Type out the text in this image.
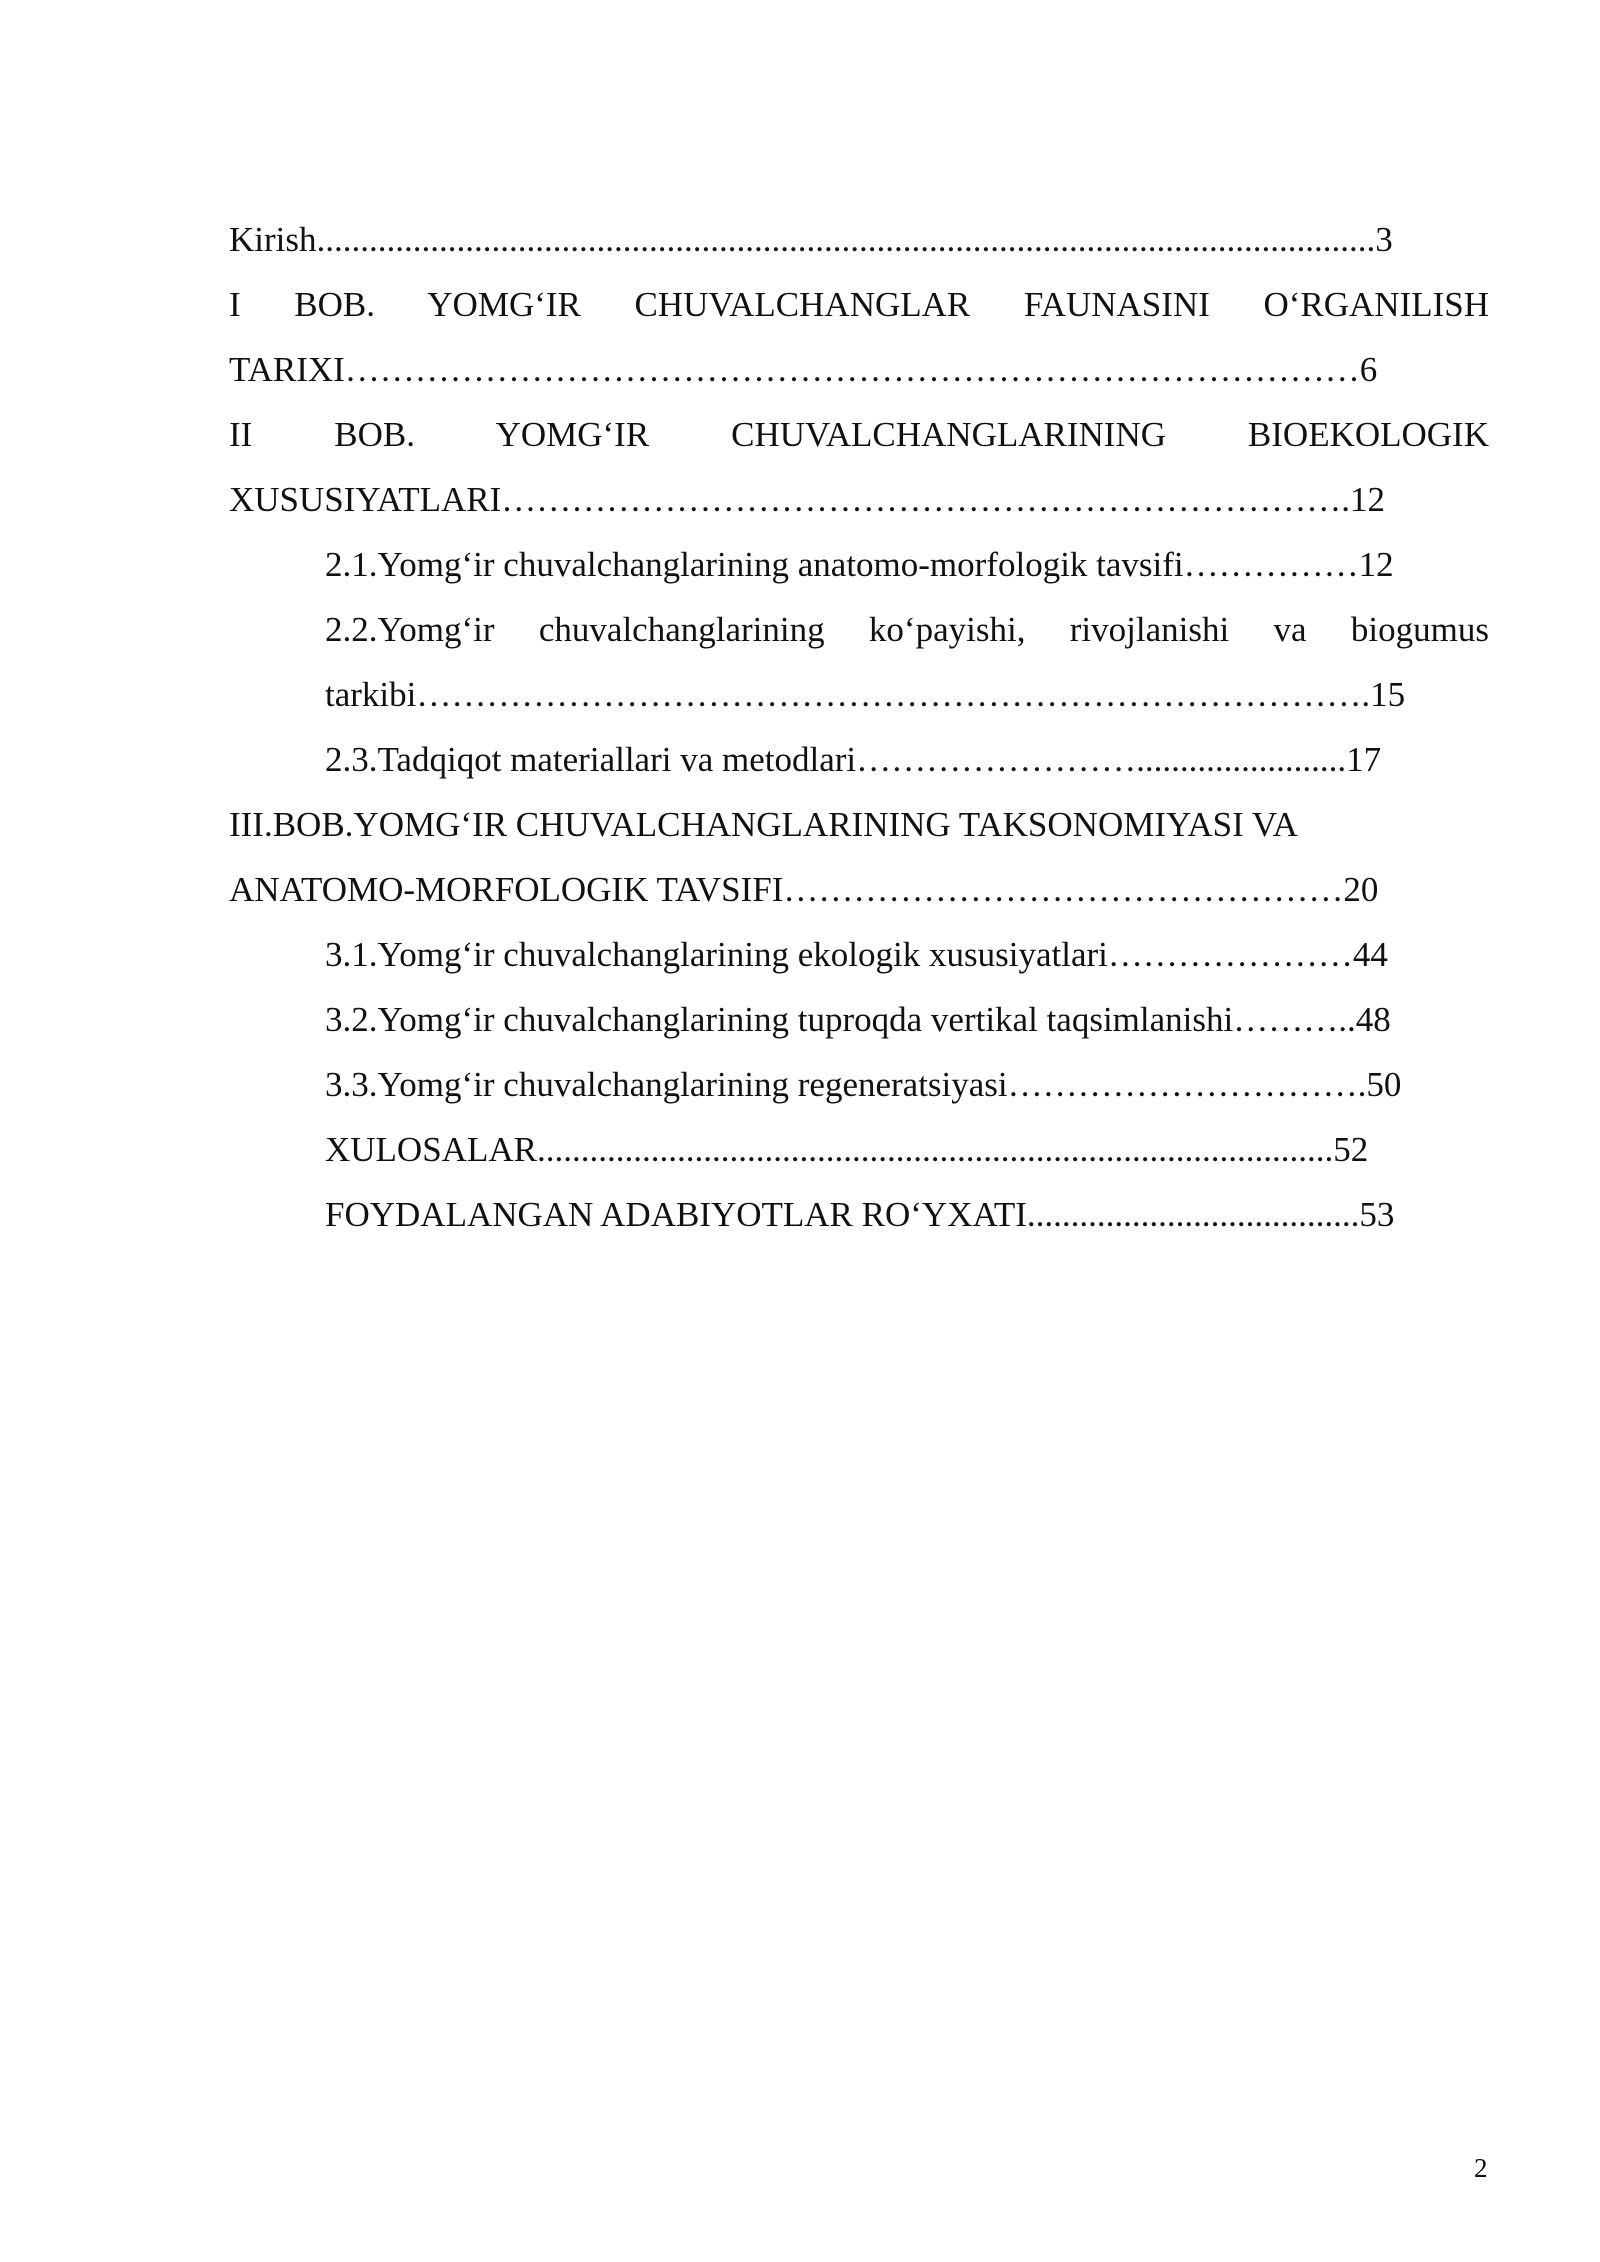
Kirish.........................................................................................................................3
I BOB. YOMG‘IR CHUVALCHANGLAR FAUNASINI O‘RGANILISH
TARIXI……………………………………………………………………………6
II BOB. YOMG‘IR CHUVALCHANGLARINING BIOEKOLOGIK
XUSUSIYATLARI……………………………………………………………….12
2.1.Yomg‘ir chuvalchanglarining anatomo-morfologik tavsifi……………12
2.2.Yomg‘ir chuvalchanglarining ko‘payishi, rivojlanishi va biogumus
tarkibi……………………………………………………………………….15
2.3.Tadqiqot materiallari va metodlari……………………........................17
III.BOB.YOMG‘IR CHUVALCHANGLARINING TAKSONOMIYASI VA
ANATOMO-MORFOLOGIK TAVSIFI…………………………………………20
3.1.Yomg‘ir chuvalchanglarining ekologik xususiyatlari…………………44
3.2.Yomg‘ir chuvalchanglarining tuproqda vertikal taqsimlanishi………..48
3.3.Yomg‘ir chuvalchanglarining regeneratsiyasi………………………….50
XULOSALAR...........................................................................................52
FOYDALANGAN ADABIYOTLAR RO‘YXATI......................................53
2
